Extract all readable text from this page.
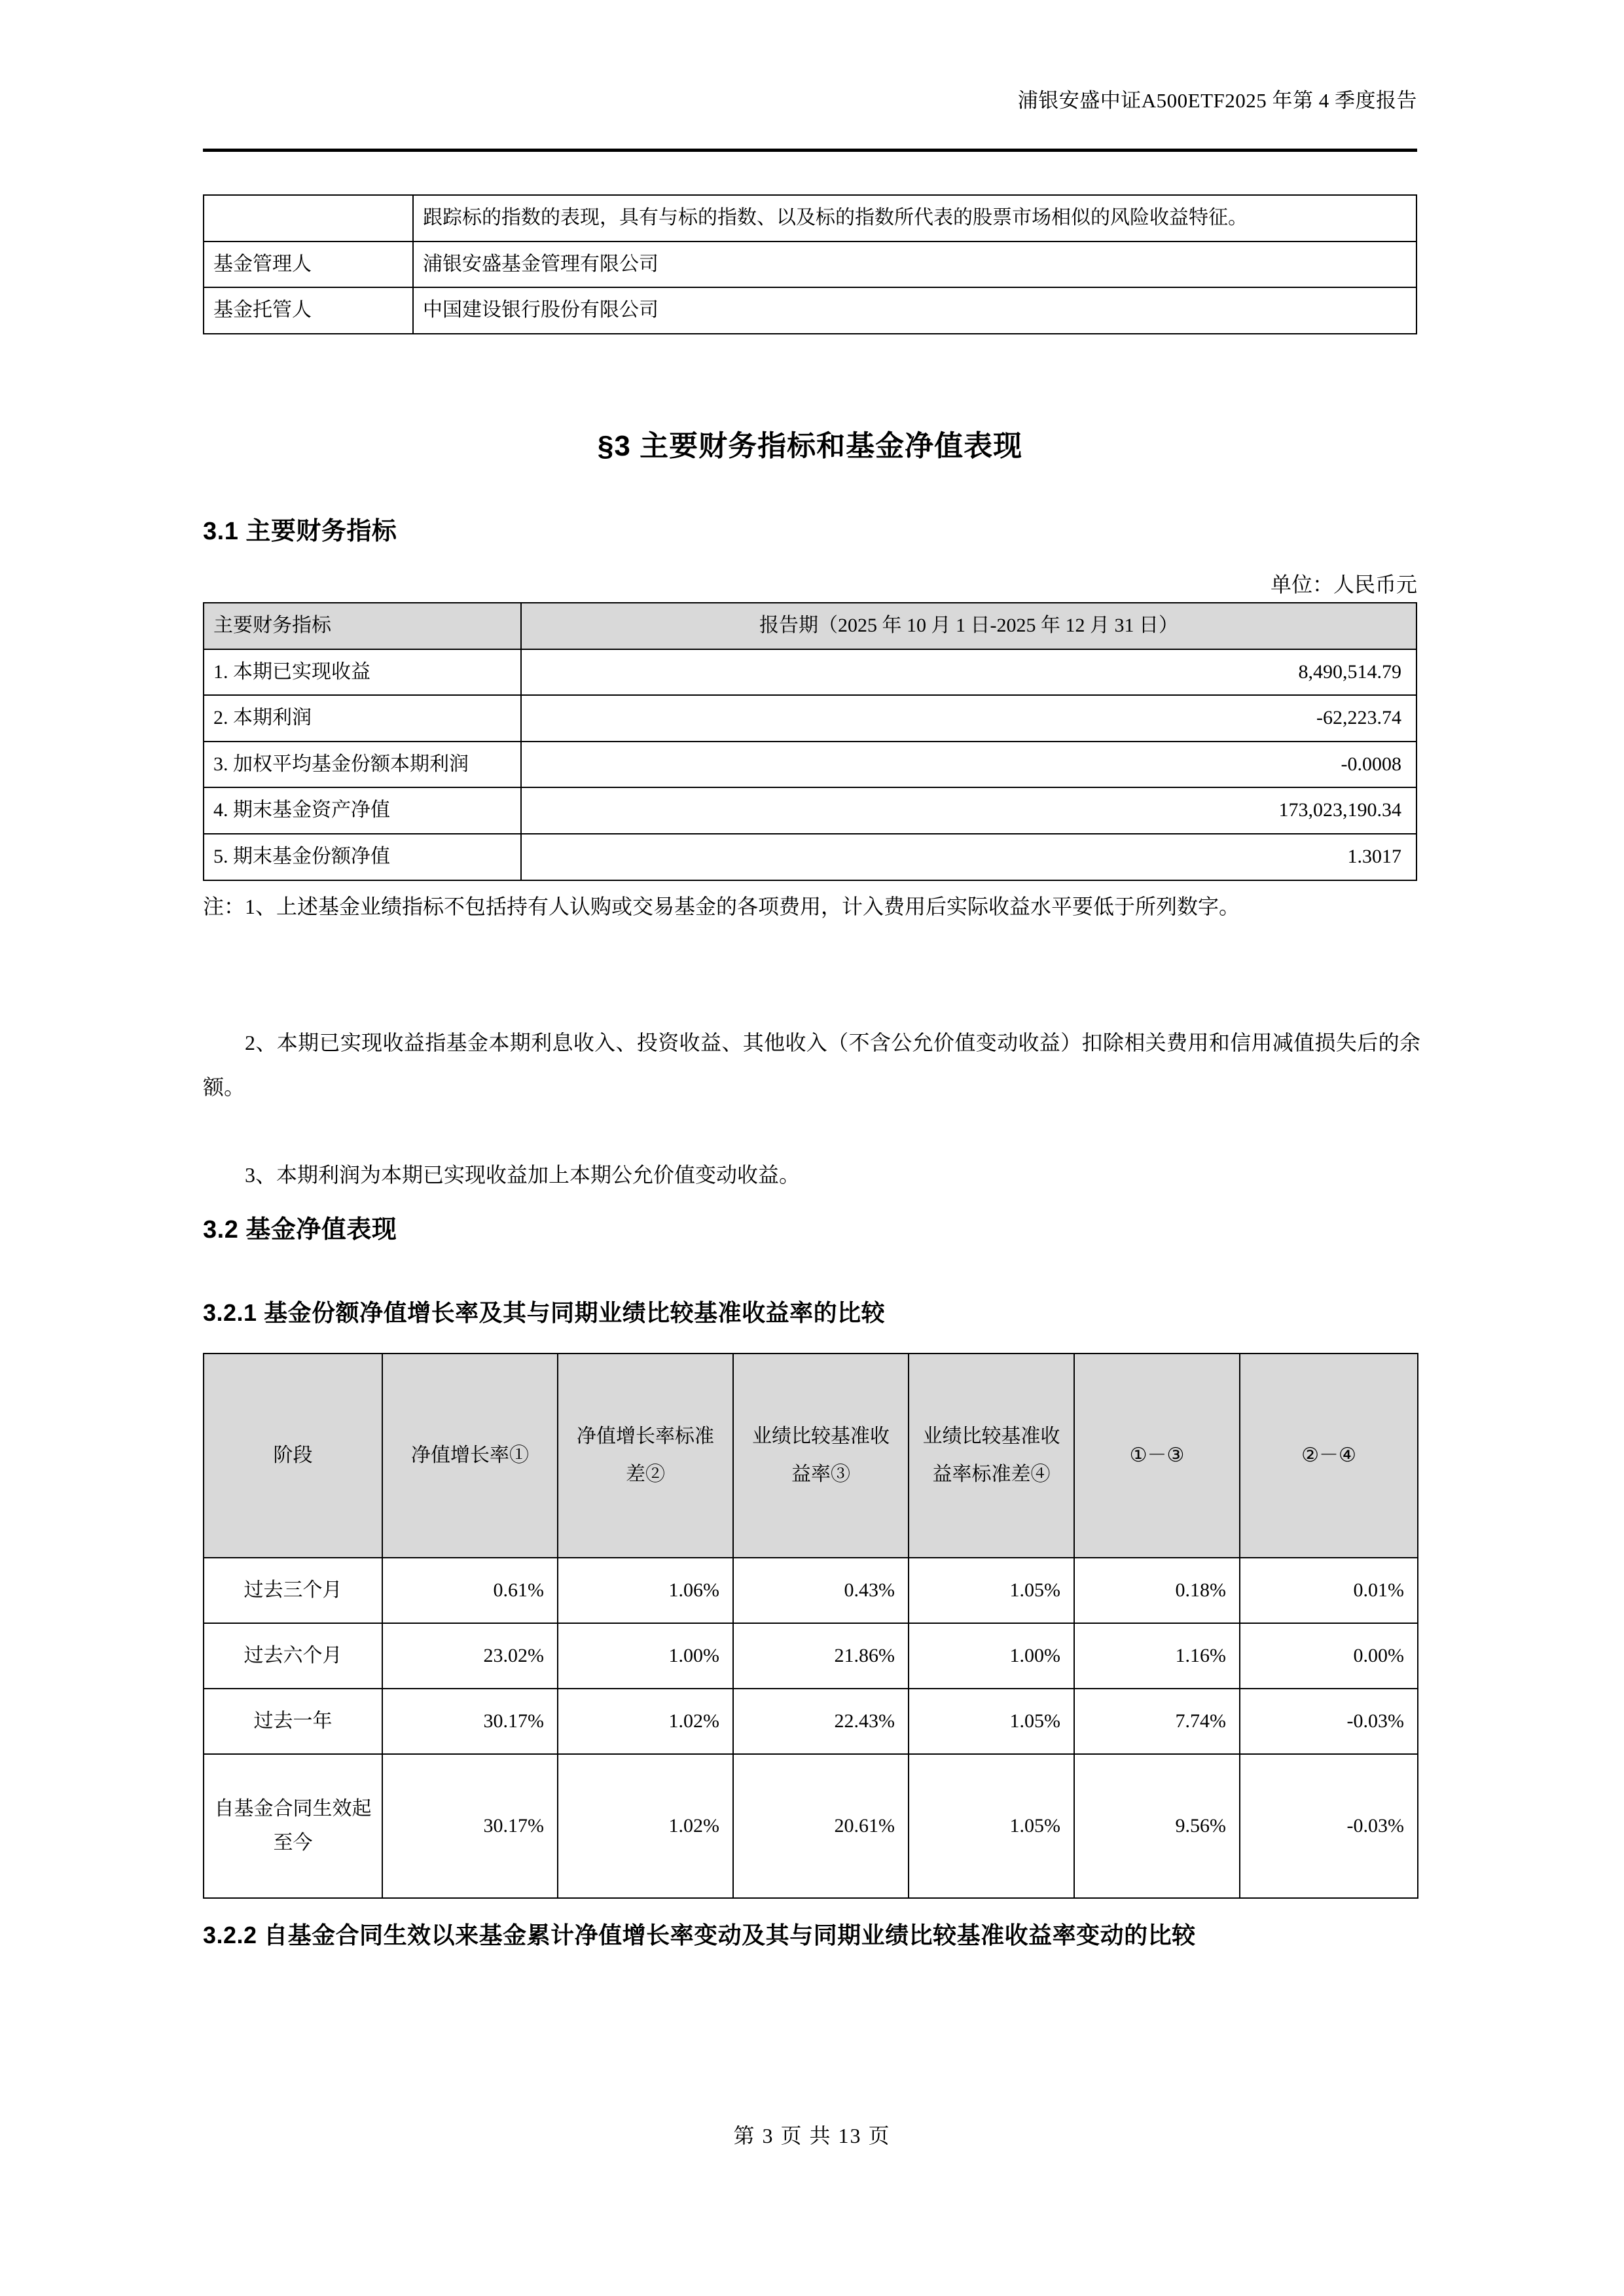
浦银安盛中证A500ETF2025 年第 4 季度报告
	跟踪标的指数的表现，具有与标的指数、以及标的指数所代表的股票市场相似的风险收益特征。
基金管理人	浦银安盛基金管理有限公司
基金托管人	中国建设银行股份有限公司
§3 主要财务指标和基金净值表现
3.1 主要财务指标
单位：人民币元
主要财务指标	报告期（2025 年 10 月 1 日-2025 年 12 月 31 日）
1. 本期已实现收益	8,490,514.79
2. 本期利润	-62,223.74
3. 加权平均基金份额本期利润	-0.0008
4. 期末基金资产净值	173,023,190.34
5. 期末基金份额净值	1.3017
注：1、上述基金业绩指标不包括持有人认购或交易基金的各项费用，计入费用后实际收益水平要低于所列数字。
2、本期已实现收益指基金本期利息收入、投资收益、其他收入（不含公允价值变动收益）扣除相关费用和信用减值损失后的余额。
3、本期利润为本期已实现收益加上本期公允价值变动收益。
3.2 基金净值表现
3.2.1 基金份额净值增长率及其与同期业绩比较基准收益率的比较
阶段	净值增长率①	净值增长率标准差②	业绩比较基准收益率③	业绩比较基准收益率标准差④	①－③	②－④
过去三个月	0.61%	1.06%	0.43%	1.05%	0.18%	0.01%
过去六个月	23.02%	1.00%	21.86%	1.00%	1.16%	0.00%
过去一年	30.17%	1.02%	22.43%	1.05%	7.74%	-0.03%
自基金合同生效起至今	30.17%	1.02%	20.61%	1.05%	9.56%	-0.03%
3.2.2 自基金合同生效以来基金累计净值增长率变动及其与同期业绩比较基准收益率变动的比较
第 3 页 共 13 页
